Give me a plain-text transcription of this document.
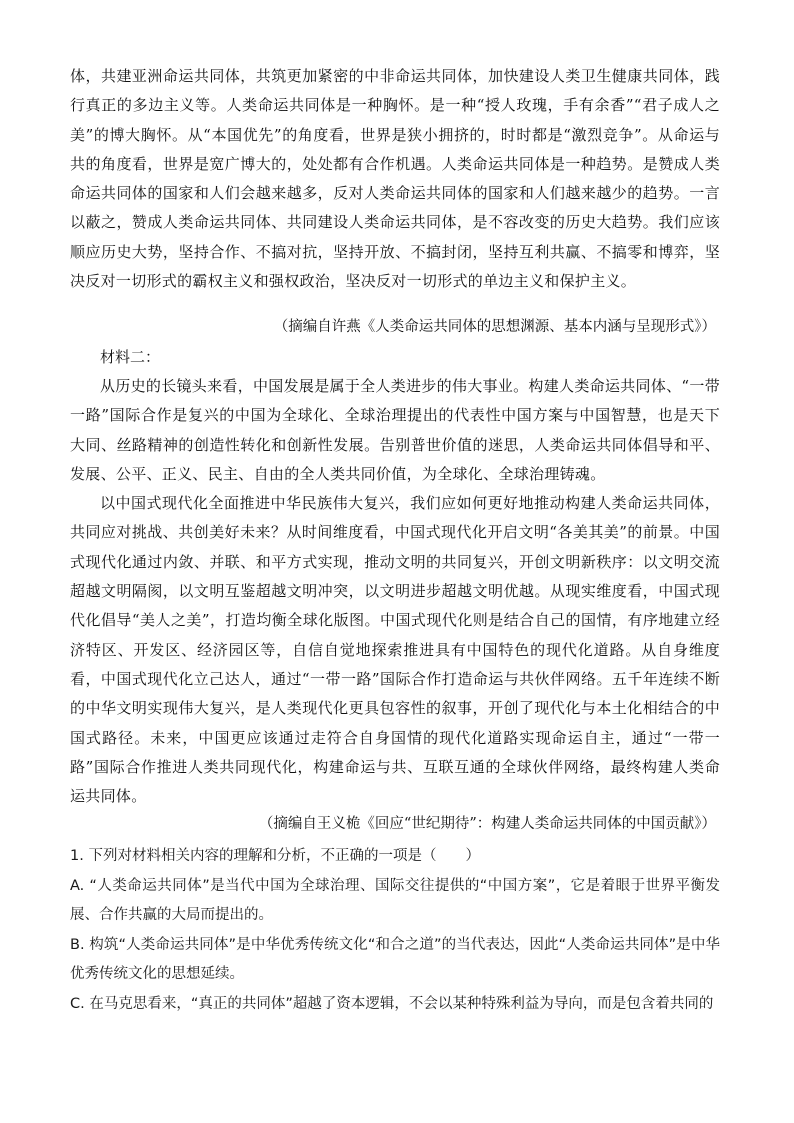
体，共建亚洲命运共同体，共筑更加紧密的中非命运共同体，加快建设人类卫生健康共同体，践行真正的多边主义等。人类命运共同体是一种胸怀。是一种“授人玫瑰，手有余香”“君子成人之美”的博大胸怀。从“本国优先”的角度看，世界是狭小拥挤的，时时都是“激烈竞争”。从命运与共的角度看，世界是宽广博大的，处处都有合作机遇。人类命运共同体是一种趋势。是赞成人类命运共同体的国家和人们会越来越多，反对人类命运共同体的国家和人们越来越少的趋势。一言以蔽之，赞成人类命运共同体、共同建设人类命运共同体，是不容改变的历史大趋势。我们应该顺应历史大势，坚持合作、不搞对抗，坚持开放、不搞封闭，坚持互利共赢、不搞零和博弈，坚决反对一切形式的霸权主义和强权政治，坚决反对一切形式的单边主义和保护主义。

（摘编自许燕《人类命运共同体的思想渊源、基本内涵与呈现形式》）

材料二：

从历史的长镜头来看，中国发展是属于全人类进步的伟大事业。构建人类命运共同体、“一带一路”国际合作是复兴的中国为全球化、全球治理提出的代表性中国方案与中国智慧，也是天下大同、丝路精神的创造性转化和创新性发展。告别普世价值的迷思，人类命运共同体倡导和平、发展、公平、正义、民主、自由的全人类共同价值，为全球化、全球治理铸魂。

以中国式现代化全面推进中华民族伟大复兴，我们应如何更好地推动构建人类命运共同体，共同应对挑战、共创美好未来？从时间维度看，中国式现代化开启文明“各美其美”的前景。中国式现代化通过内敛、并联、和平方式实现，推动文明的共同复兴，开创文明新秩序：以文明交流超越文明隔阂，以文明互鉴超越文明冲突，以文明进步超越文明优越。从现实维度看，中国式现代化倡导“美人之美”，打造均衡全球化版图。中国式现代化则是结合自己的国情，有序地建立经济特区、开发区、经济园区等，自信自觉地探索推进具有中国特色的现代化道路。从自身维度看，中国式现代化立己达人，通过“一带一路”国际合作打造命运与共伙伴网络。五千年连续不断的中华文明实现伟大复兴，是人类现代化更具包容性的叙事，开创了现代化与本土化相结合的中国式路径。未来，中国更应该通过走符合自身国情的现代化道路实现命运自主，通过“一带一路”国际合作推进人类共同现代化，构建命运与共、互联互通的全球伙伴网络，最终构建人类命运共同体。

（摘编自王义桅《回应“世纪期待”：构建人类命运共同体的中国贡献》）

1. 下列对材料相关内容的理解和分析，不正确的一项是（　　）

A. “人类命运共同体”是当代中国为全球治理、国际交往提供的“中国方案”，它是着眼于世界平衡发展、合作共赢的大局而提出的。

B. 构筑“人类命运共同体”是中华优秀传统文化“和合之道”的当代表达，因此“人类命运共同体”是中华优秀传统文化的思想延续。

C. 在马克思看来，“真正的共同体”超越了资本逻辑，不会以某种特殊利益为导向，而是包含着共同的
